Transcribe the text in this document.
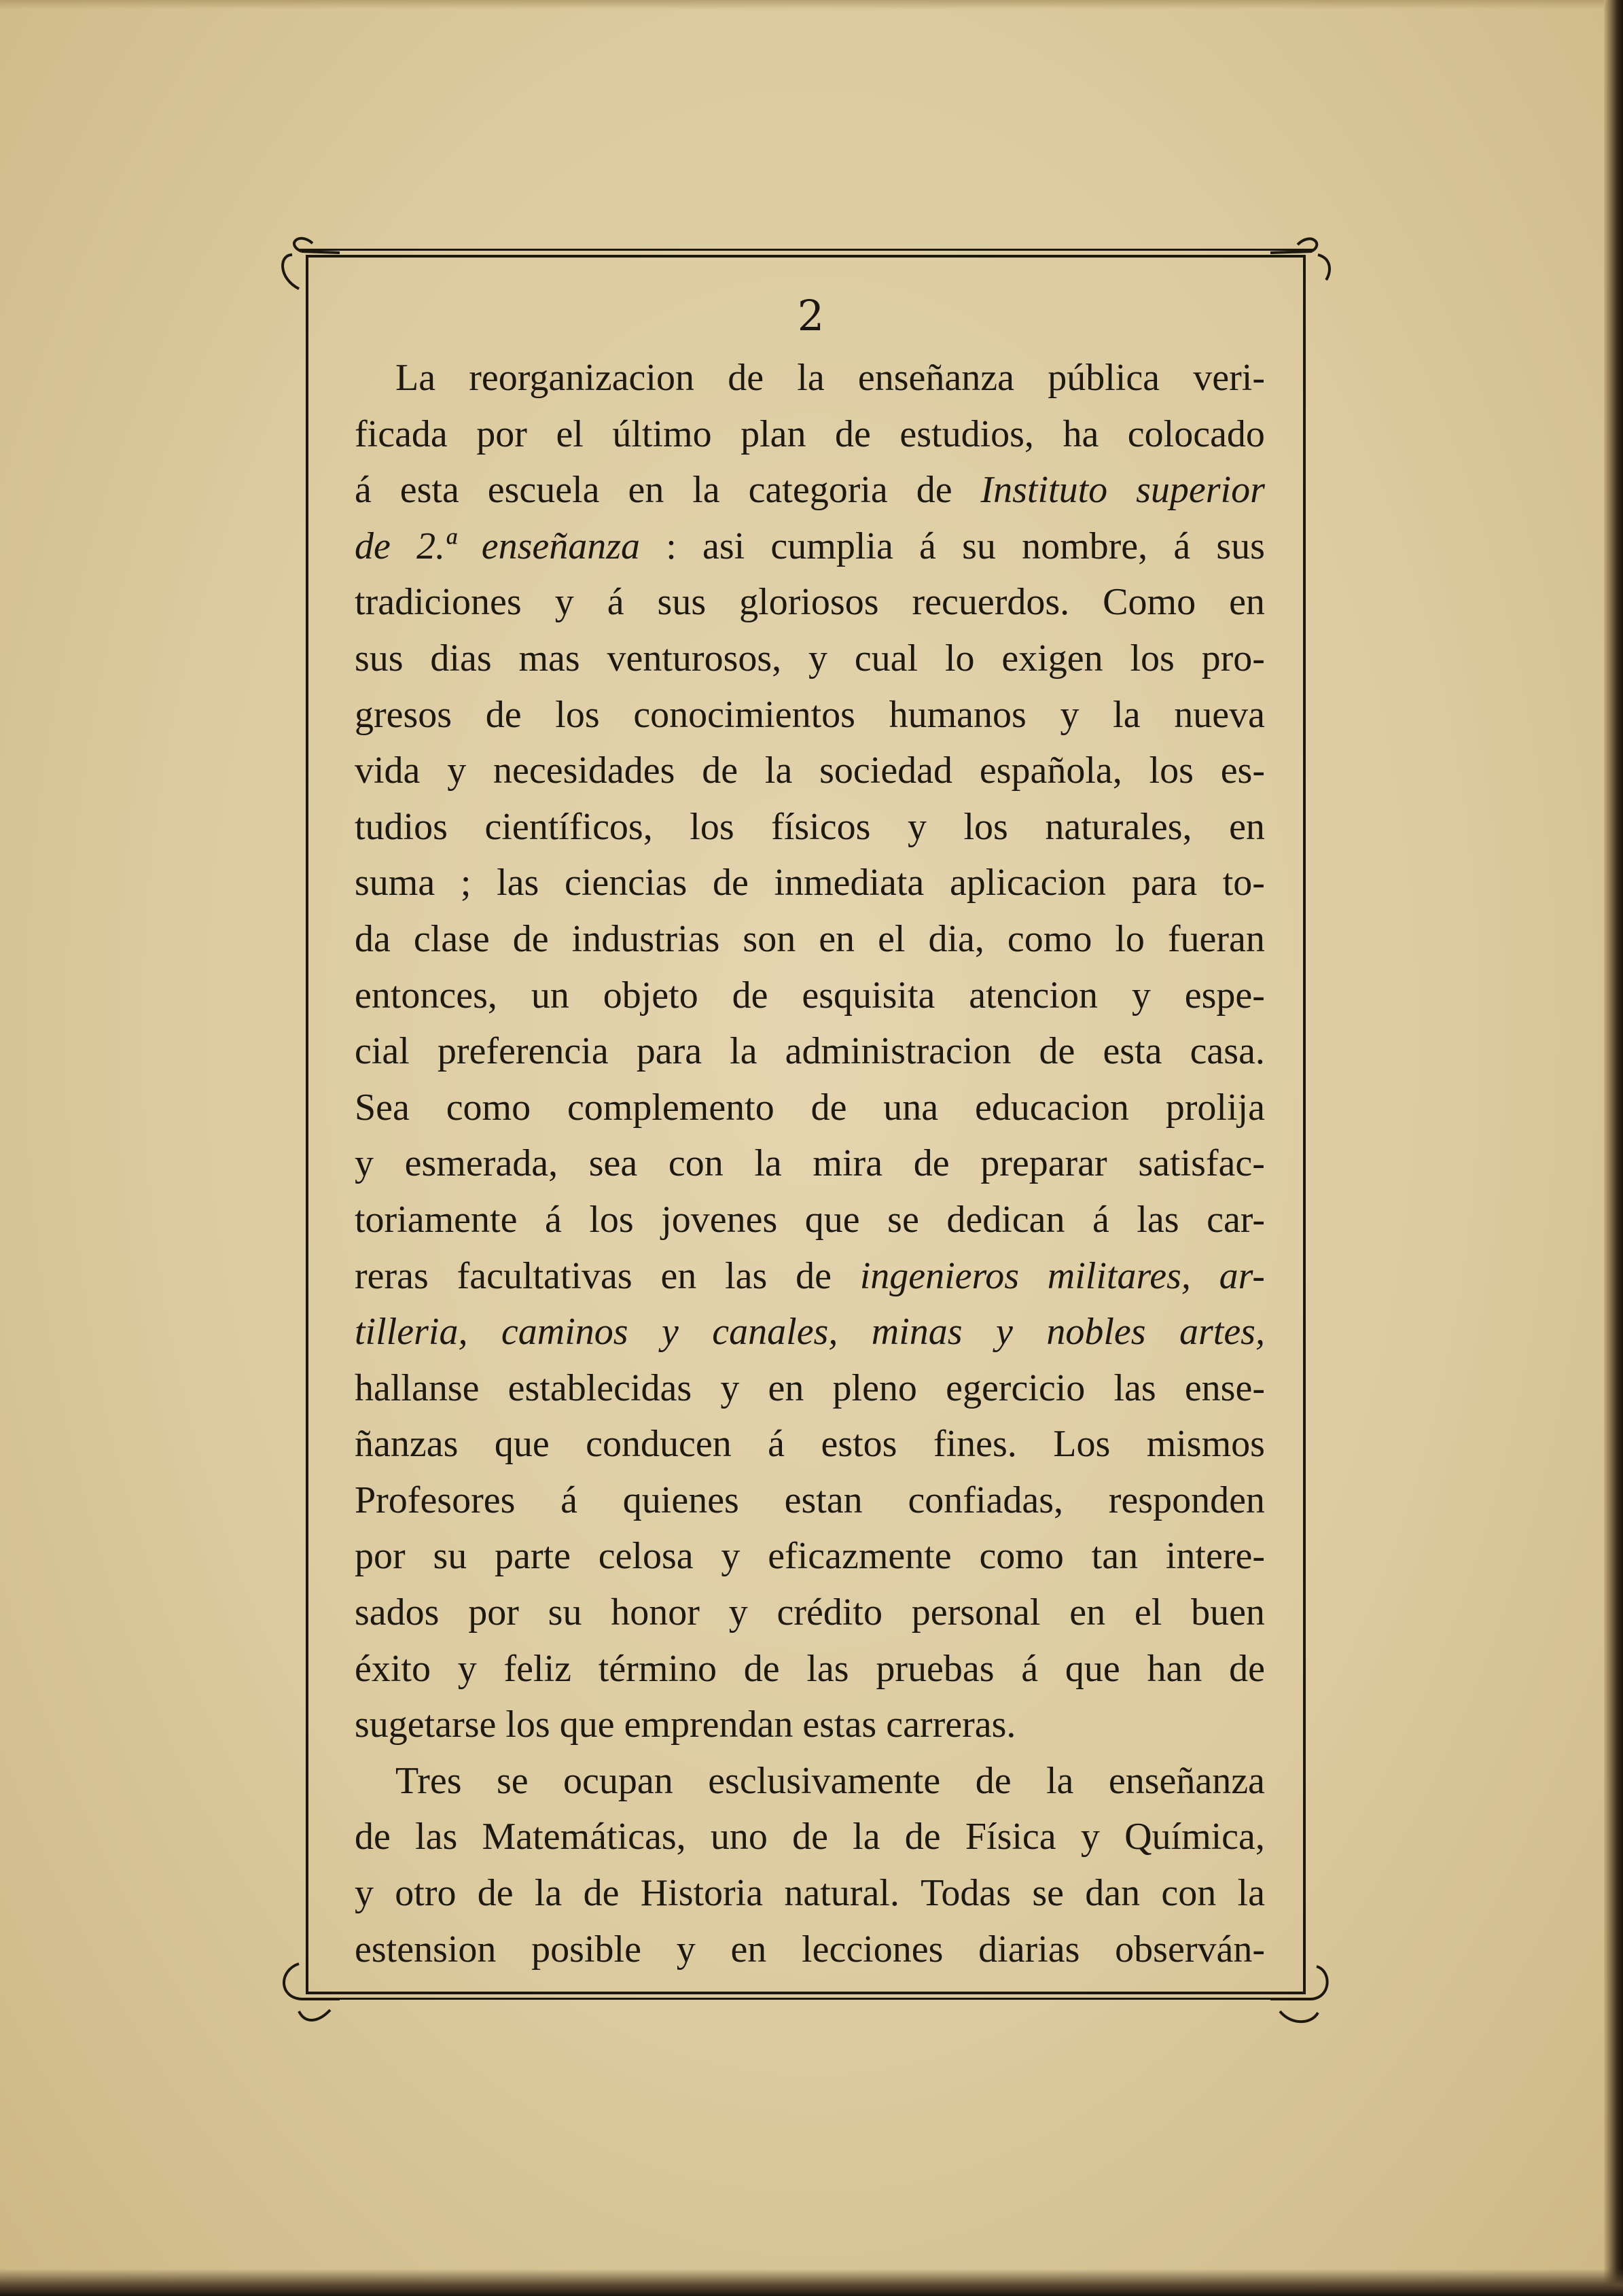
2
La reorganizacion de la enseñanza pública veri-
ficada por el último plan de estudios, ha colocado
á esta escuela en la categoria de Instituto superior
de 2.ª enseñanza : asi cumplia á su nombre, á sus
tradiciones y á sus gloriosos recuerdos. Como en
sus dias mas venturosos, y cual lo exigen los pro-
gresos de los conocimientos humanos y la nueva
vida y necesidades de la sociedad española, los es-
tudios científicos, los físicos y los naturales, en
suma ; las ciencias de inmediata aplicacion para to-
da clase de industrias son en el dia, como lo fueran
entonces, un objeto de esquisita atencion y espe-
cial preferencia para la administracion de esta casa.
Sea como complemento de una educacion prolija
y esmerada, sea con la mira de preparar satisfac-
toriamente á los jovenes que se dedican á las car-
reras facultativas en las de ingenieros militares, ar-
tilleria, caminos y canales, minas y nobles artes,
hallanse establecidas y en pleno egercicio las ense-
ñanzas que conducen á estos fines. Los mismos
Profesores á quienes estan confiadas, responden
por su parte celosa y eficazmente como tan intere-
sados por su honor y crédito personal en el buen
éxito y feliz término de las pruebas á que han de
sugetarse los que emprendan estas carreras.
Tres se ocupan esclusivamente de la enseñanza
de las Matemáticas, uno de la de Física y Química,
y otro de la de Historia natural. Todas se dan con la
estension posible y en lecciones diarias observán-
